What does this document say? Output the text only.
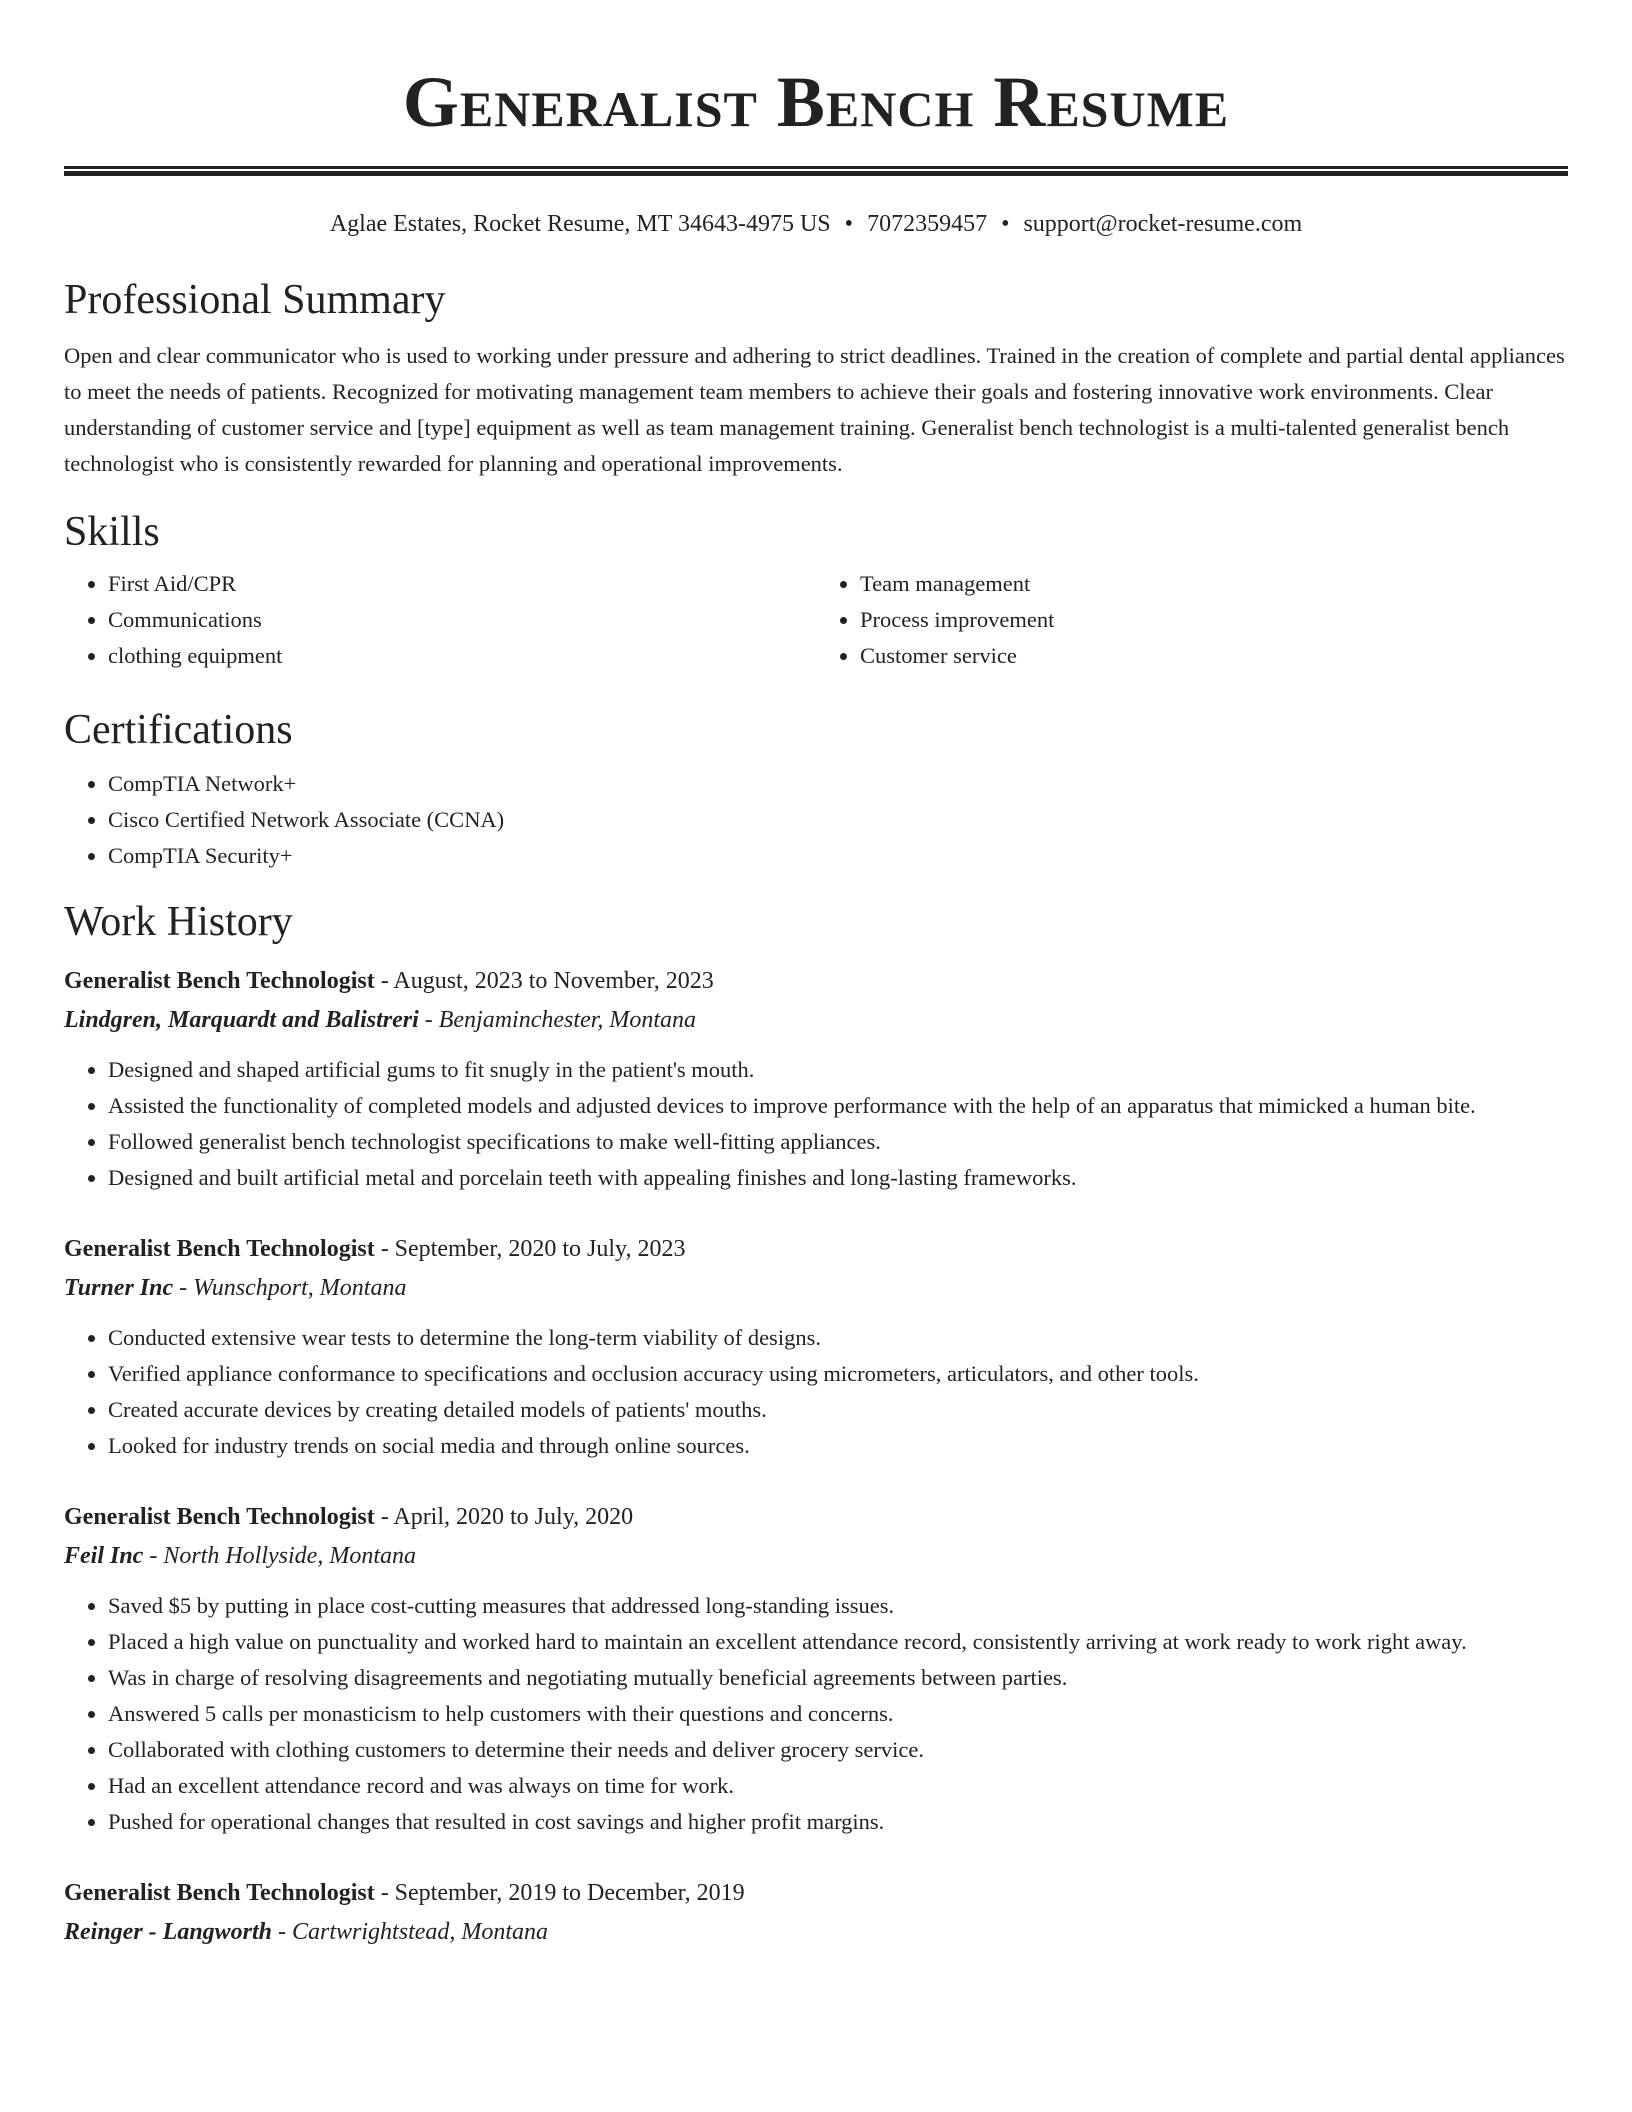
Generalist Bench Resume
Aglae Estates, Rocket Resume, MT 34643-4975 US • 7072359457 • support@rocket-resume.com
Professional Summary

Open and clear communicator who is used to working under pressure and adhering to strict deadlines. Trained in the creation of complete and partial dental appliances to meet the needs of patients. Recognized for motivating management team members to achieve their goals and fostering innovative work environments. Clear understanding of customer service and [type] equipment as well as team management training. Generalist bench technologist is a multi-talented generalist bench technologist who is consistently rewarded for planning and operational improvements.

Skills
• First Aid/CPR
• Communications
• clothing equipment
• Team management
• Process improvement
• Customer service
Certifications
• CompTIA Network+
• Cisco Certified Network Associate (CCNA)
• CompTIA Security+
Work History
Generalist Bench Technologist - August, 2023 to November, 2023
Lindgren, Marquardt and Balistreri - Benjaminchester, Montana
• Designed and shaped artificial gums to fit snugly in the patient's mouth.
• Assisted the functionality of completed models and adjusted devices to improve performance with the help of an apparatus that mimicked a human bite.
• Followed generalist bench technologist specifications to make well-fitting appliances.
• Designed and built artificial metal and porcelain teeth with appealing finishes and long-lasting frameworks.
Generalist Bench Technologist - September, 2020 to July, 2023
Turner Inc - Wunschport, Montana
• Conducted extensive wear tests to determine the long-term viability of designs.
• Verified appliance conformance to specifications and occlusion accuracy using micrometers, articulators, and other tools.
• Created accurate devices by creating detailed models of patients' mouths.
• Looked for industry trends on social media and through online sources.
Generalist Bench Technologist - April, 2020 to July, 2020
Feil Inc - North Hollyside, Montana
• Saved $5 by putting in place cost-cutting measures that addressed long-standing issues.
• Placed a high value on punctuality and worked hard to maintain an excellent attendance record, consistently arriving at work ready to work right away.
• Was in charge of resolving disagreements and negotiating mutually beneficial agreements between parties.
• Answered 5 calls per monasticism to help customers with their questions and concerns.
• Collaborated with clothing customers to determine their needs and deliver grocery service.
• Had an excellent attendance record and was always on time for work.
• Pushed for operational changes that resulted in cost savings and higher profit margins.
Generalist Bench Technologist - September, 2019 to December, 2019
Reinger - Langworth - Cartwrightstead, Montana
